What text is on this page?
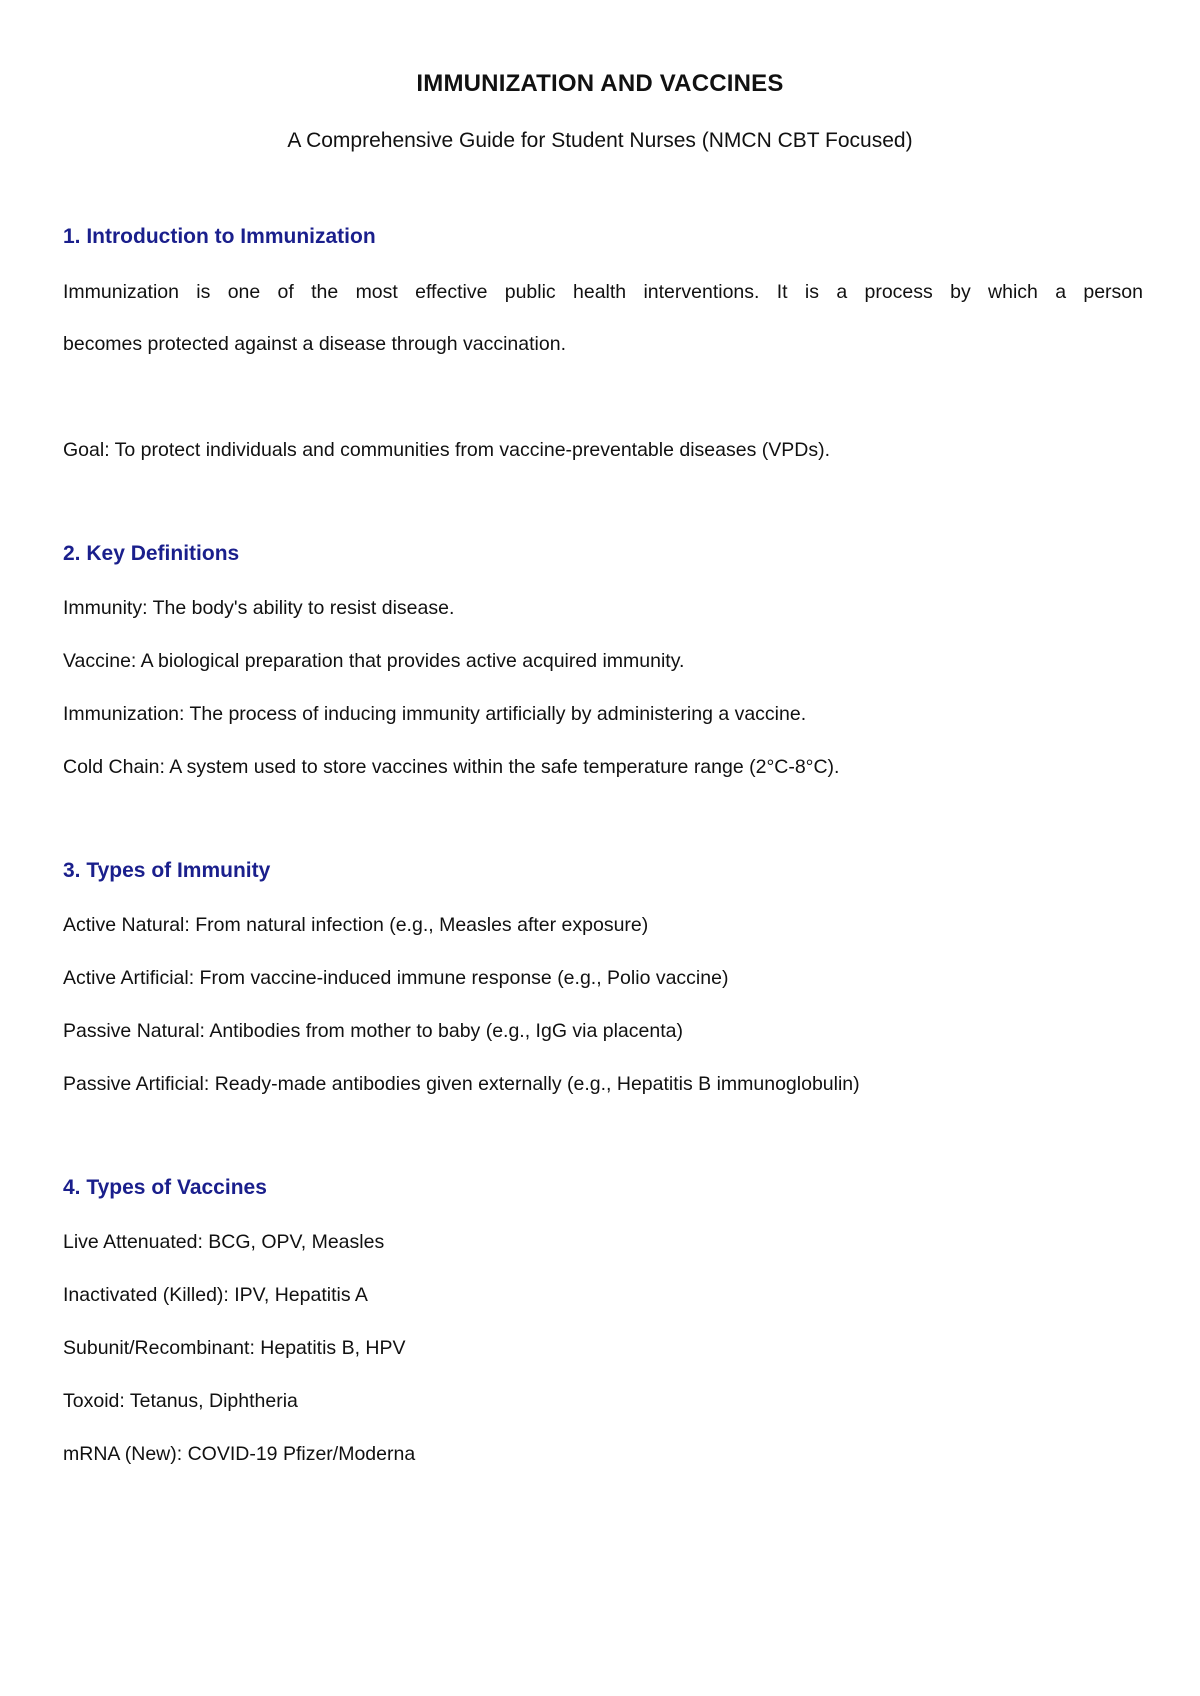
IMMUNIZATION AND VACCINES

A Comprehensive Guide for Student Nurses (NMCN CBT Focused)

1. Introduction to Immunization

Immunization is one of the most effective public health interventions. It is a process by which a person

becomes protected against a disease through vaccination.

Goal: To protect individuals and communities from vaccine-preventable diseases (VPDs).

2. Key Definitions

Immunity: The body's ability to resist disease.

Vaccine: A biological preparation that provides active acquired immunity.

Immunization: The process of inducing immunity artificially by administering a vaccine.

Cold Chain: A system used to store vaccines within the safe temperature range (2°C-8°C).

3. Types of Immunity

Active Natural: From natural infection (e.g., Measles after exposure)

Active Artificial: From vaccine-induced immune response (e.g., Polio vaccine)

Passive Natural: Antibodies from mother to baby (e.g., IgG via placenta)

Passive Artificial: Ready-made antibodies given externally (e.g., Hepatitis B immunoglobulin)

4. Types of Vaccines

Live Attenuated: BCG, OPV, Measles

Inactivated (Killed): IPV, Hepatitis A

Subunit/Recombinant: Hepatitis B, HPV

Toxoid: Tetanus, Diphtheria

mRNA (New): COVID-19 Pfizer/Moderna
